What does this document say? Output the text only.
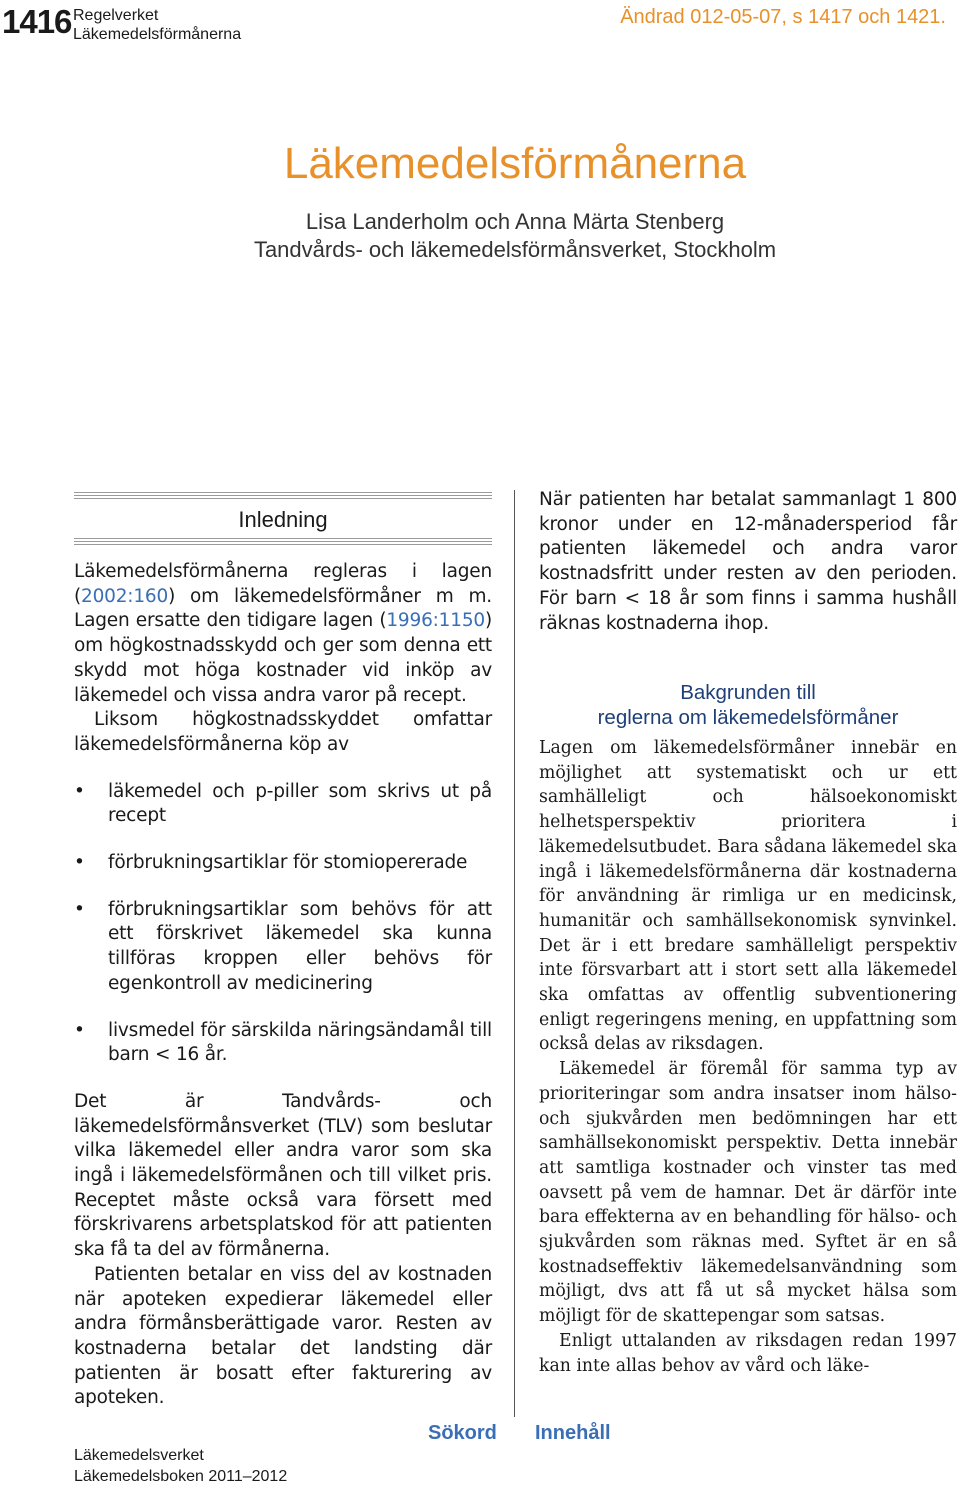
1416 Regelverket
Läkemedelsförmånerna
Ändrad 012-05-07, s 1417 och 1421.
Läkemedelsförmånerna
Lisa Landerholm och Anna Märta Stenberg
Tandvårds- och läkemedelsförmånsverket, Stockholm
Inledning

Läkemedelsförmånerna regleras i lagen (2002:160) om läkemedelsförmåner m m. Lagen ersatte den tidigare lagen (1996:1150) om högkostnadsskydd och ger som denna ett skydd mot höga kostnader vid inköp av läkemedel och vissa andra varor på recept.

Liksom högkostnadsskyddet omfattar läkemedelsförmånerna köp av

• läkemedel och p-piller som skrivs ut på recept
• förbrukningsartiklar för stomiopererade
• förbrukningsartiklar som behövs för att ett förskrivet läkemedel ska kunna tillföras kroppen eller behövs för egenkontroll av medicinering
• livsmedel för särskilda näringsändamål till barn < 16 år.

Det är Tandvårds- och läkemedelsförmånsverket (TLV) som beslutar vilka läkemedel eller andra varor som ska ingå i läkemedelsförmånen och till vilket pris. Receptet måste också vara försett med förskrivarens arbetsplatskod för att patienten ska få ta del av förmånerna.

Patienten betalar en viss del av kostnaden när apoteken expedierar läkemedel eller andra förmånsberättigade varor. Resten av kostnaderna betalar det landsting där patienten är bosatt efter fakturering av apoteken.

När patienten har betalat sammanlagt 1 800 kronor under en 12-månadersperiod får patienten läkemedel och andra varor kostnadsfritt under resten av den perioden. För barn < 18 år som finns i samma hushåll räknas kostnaderna ihop.

Bakgrunden till
reglerna om läkemedelsförmåner

Lagen om läkemedelsförmåner innebär en möjlighet att systematiskt och ur ett samhälleligt och hälsoekonomiskt helhetsperspektiv prioritera i läkemedelsutbudet. Bara sådana läkemedel ska ingå i läkemedelsförmånerna där kostnaderna för användning är rimliga ur en medicinsk, humanitär och samhällsekonomisk synvinkel. Det är i ett bredare samhälleligt perspektiv inte försvarbart att i stort sett alla läkemedel ska omfattas av offentlig subventionering enligt regeringens mening, en uppfattning som också delas av riksdagen.

Läkemedel är föremål för samma typ av prioriteringar som andra insatser inom hälso- och sjukvården men bedömningen har ett samhällsekonomiskt perspektiv. Detta innebär att samtliga kostnader och vinster tas med oavsett på vem de hamnar. Det är därför inte bara effekterna av en behandling för hälso- och sjukvården som räknas med. Syftet är en så kostnadseffektiv läkemedelsanvändning som möjligt, dvs att få ut så mycket hälsa som möjligt för de skattepengar som satsas.

Enligt uttalanden av riksdagen redan 1997 kan inte allas behov av vård och läke-

Läkemedelsverket
Läkemedelsboken 2011–2012
Sökord Innehåll
